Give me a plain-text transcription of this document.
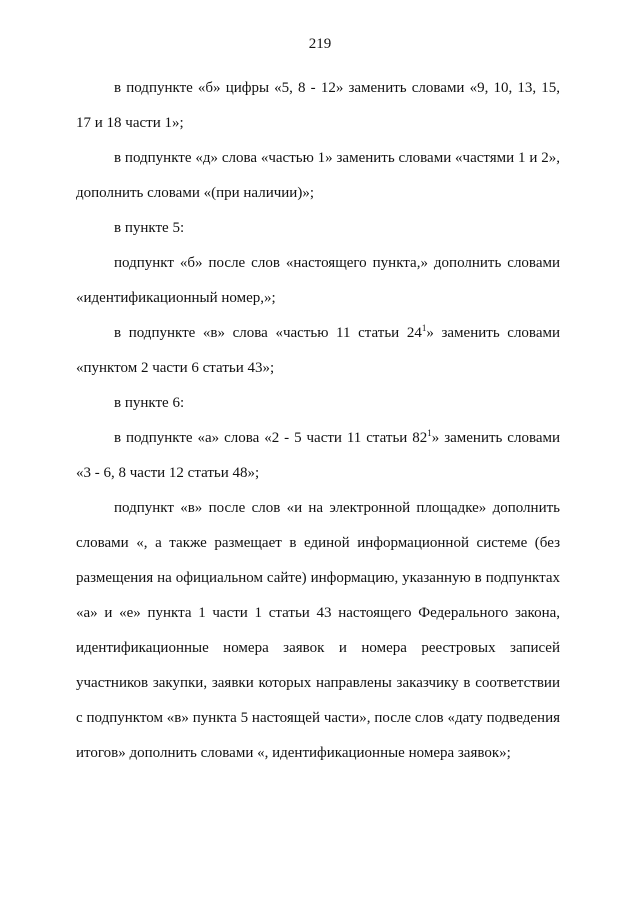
219

в подпункте «б» цифры «5, 8 - 12» заменить словами «9, 10, 13, 15, 17 и 18 части 1»;

в подпункте «д» слова «частью 1» заменить словами «частями 1 и 2», дополнить словами «(при наличии)»;

в пункте 5:

подпункт «б» после слов «настоящего пункта,» дополнить словами «идентификационный номер,»;

в подпункте «в» слова «частью 11 статьи $24^1$» заменить словами «пунктом 2 части 6 статьи 43»;

в пункте 6:

в подпункте «а» слова «2 - 5 части 11 статьи $82^1$» заменить словами «3 - 6, 8 части 12 статьи 48»;

подпункт «в» после слов «и на электронной площадке» дополнить словами «, а также размещает в единой информационной системе (без размещения на официальном сайте) информацию, указанную в подпунктах «а» и «е» пункта 1 части 1 статьи 43 настоящего Федерального закона, идентификационные номера заявок и номера реестровых записей участников закупки, заявки которых направлены заказчику в соответствии с подпунктом «в» пункта 5 настоящей части», после слов «дату подведения итогов» дополнить словами «, идентификационные номера заявок»;
